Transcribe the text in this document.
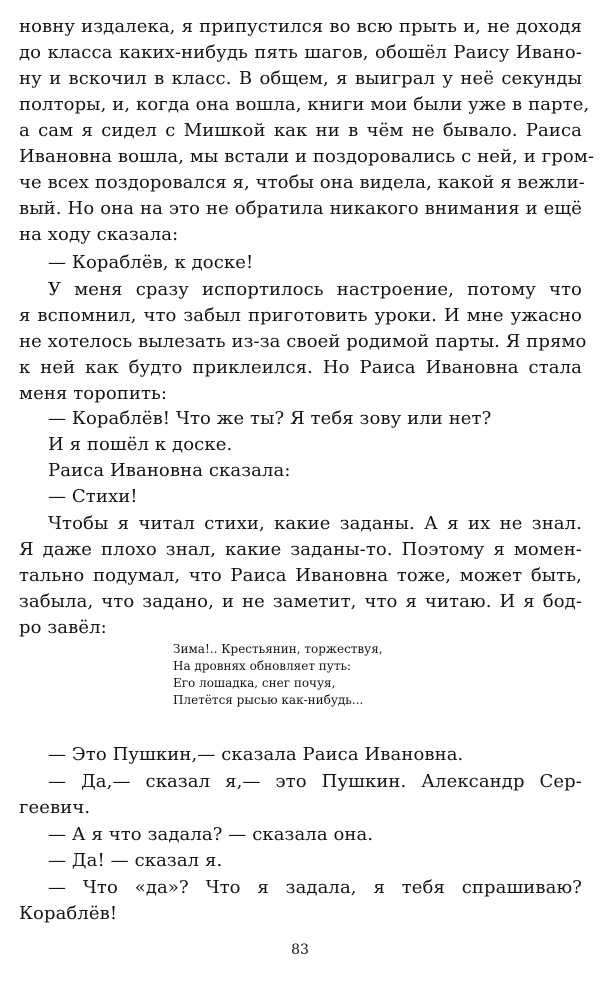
новну издалека, я припустился во всю прыть и, не доходя
до класса каких-нибудь пять шагов, обошёл Раису Ивано-
ну и вскочил в класс. В общем, я выиграл у неё секунды
полторы, и, когда она вошла, книги мои были уже в парте,
а сам я сидел с Мишкой как ни в чём не бывало. Раиса
Ивановна вошла, мы встали и поздоровались с ней, и гром-
че всех поздоровался я, чтобы она видела, какой я вежли-
вый. Но она на это не обратила никакого внимания и ещё
на ходу сказала:
— Кораблёв, к доске!
У меня сразу испортилось настроение, потому что
я вспомнил, что забыл приготовить уроки. И мне ужасно
не хотелось вылезать из-за своей родимой парты. Я прямо
к ней как будто приклеился. Но Раиса Ивановна стала
меня торопить:
— Кораблёв! Что же ты? Я тебя зову или нет?
И я пошёл к доске.
Раиса Ивановна сказала:
— Стихи!
Чтобы я читал стихи, какие заданы. А я их не знал.
Я даже плохо знал, какие заданы-то. Поэтому я момен-
тально подумал, что Раиса Ивановна тоже, может быть,
забыла, что задано, и не заметит, что я читаю. И я бод-
ро завёл:
Зима!.. Крестьянин, торжествуя,
На дровнях обновляет путь:
Его лошадка, снег почуя,
Плетётся рысью как-нибудь...
— Это Пушкин,— сказала Раиса Ивановна.
— Да,— сказал я,— это Пушкин. Александр Сер-
геевич.
— А я что задала? — сказала она.
— Да! — сказал я.
— Что «да»? Что я задала, я тебя спрашиваю?
Кораблёв!
83
